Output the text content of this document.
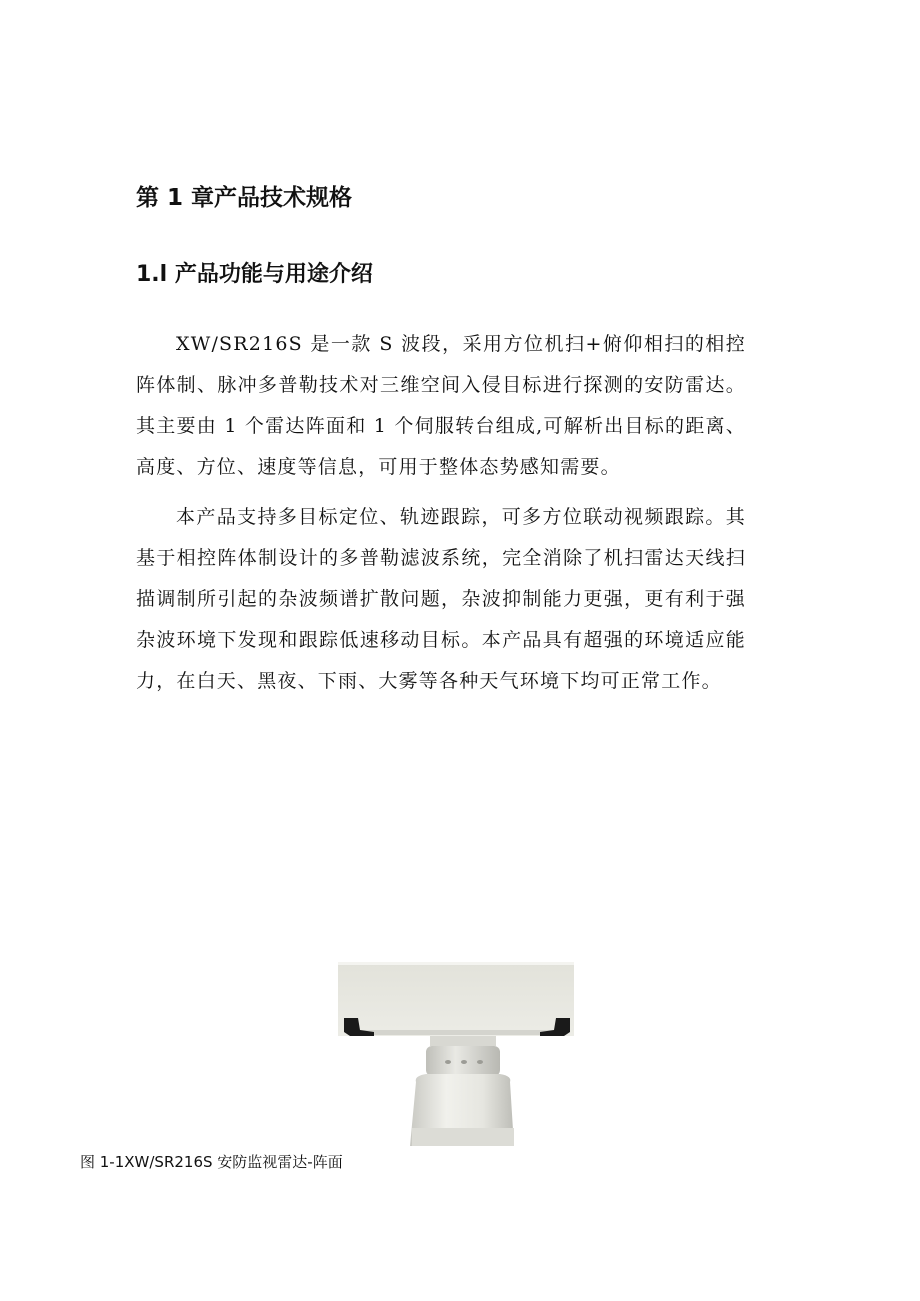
第 1 章产品技术规格
1.l 产品功能与用途介绍

XW/SR216S 是一款 S 波段，采用方位机扫+俯仰相扫的相控阵体制、脉冲多普勒技术对三维空间入侵目标进行探测的安防雷达。其主要由 1 个雷达阵面和 1 个伺服转台组成,可解析出目标的距离、高度、方位、速度等信息，可用于整体态势感知需要。

本产品支持多目标定位、轨迹跟踪，可多方位联动视频跟踪。其基于相控阵体制设计的多普勒滤波系统，完全消除了机扫雷达天线扫描调制所引起的杂波频谱扩散问题，杂波抑制能力更强，更有利于强杂波环境下发现和跟踪低速移动目标。本产品具有超强的环境适应能力，在白天、黑夜、下雨、大雾等各种天气环境下均可正常工作。

图 1-1XW/SR216S 安防监视雷达-阵面
